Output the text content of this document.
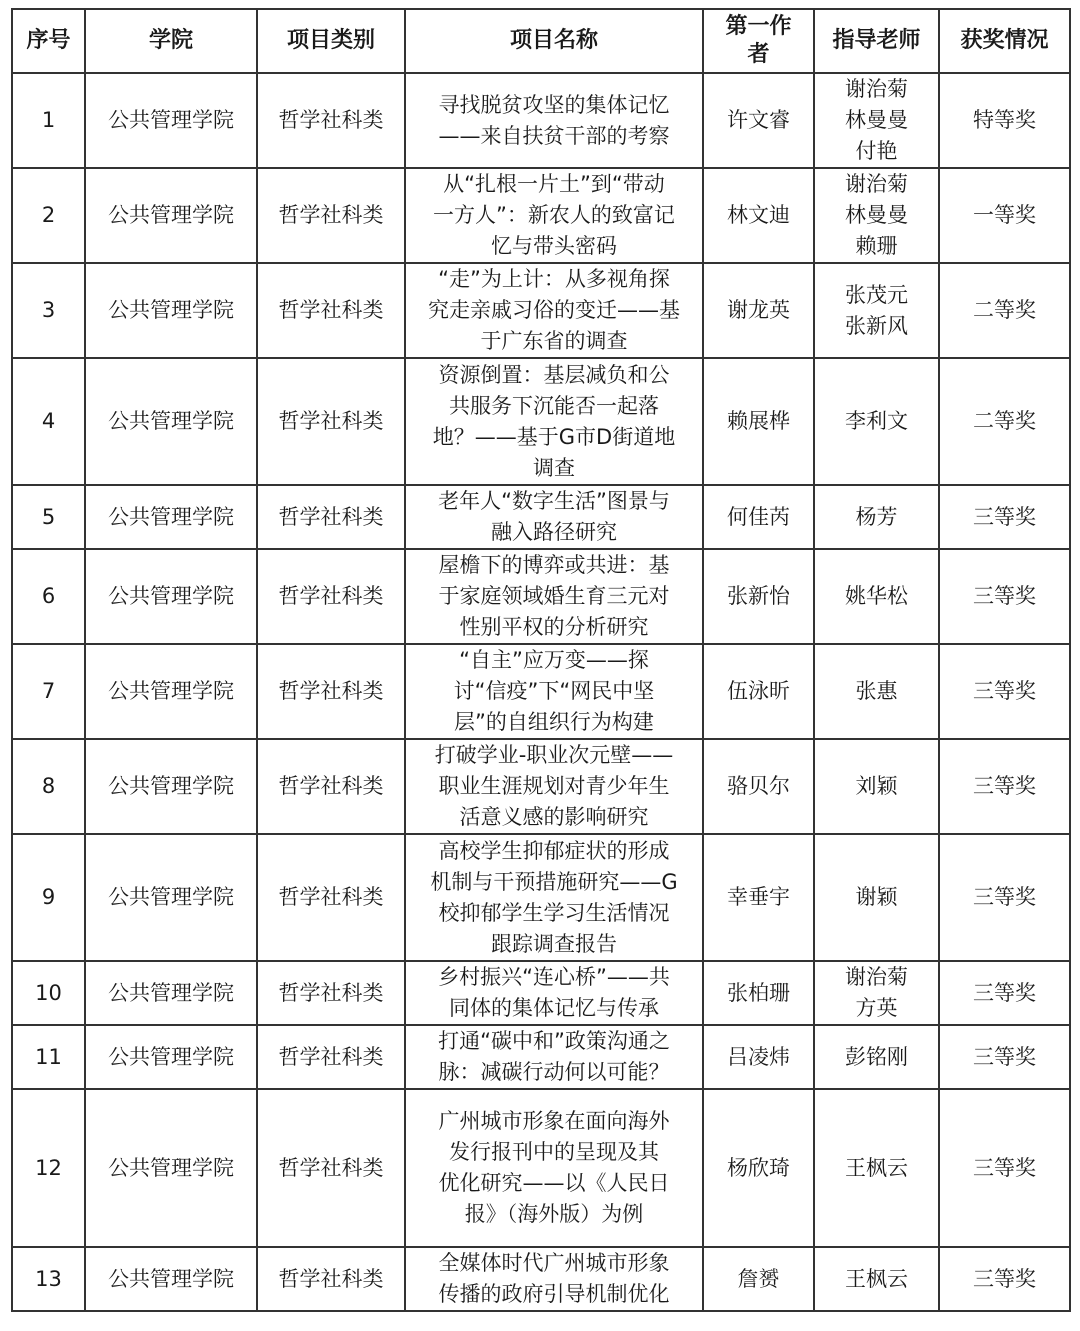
序号	学院	项目类别	项目名称	第一作者	指导老师	获奖情况
1	公共管理学院	哲学社科类	寻找脱贫攻坚的集体记忆
——来自扶贫干部的考察	许文睿	谢治菊
林曼曼
付艳	特等奖
2	公共管理学院	哲学社科类	从“扎根一片土”到“带动
一方人”：新农人的致富记
忆与带头密码	林文迪	谢治菊
林曼曼
赖珊	一等奖
3	公共管理学院	哲学社科类	“走”为上计：从多视角探
究走亲戚习俗的变迁——基
于广东省的调查	谢龙英	张茂元
张新风	二等奖
4	公共管理学院	哲学社科类	资源倒置：基层减负和公
共服务下沉能否一起落
地？——基于G市D街道地
调查	赖展桦	李利文	二等奖
5	公共管理学院	哲学社科类	老年人“数字生活”图景与
融入路径研究	何佳芮	杨芳	三等奖
6	公共管理学院	哲学社科类	屋檐下的博弈或共进：基
于家庭领域婚生育三元对
性别平权的分析研究	张新怡	姚华松	三等奖
7	公共管理学院	哲学社科类	“自主”应万变——探
讨“信疫”下“网民中坚
层”的自组织行为构建	伍泳昕	张惠	三等奖
8	公共管理学院	哲学社科类	打破学业-职业次元壁——
职业生涯规划对青少年生
活意义感的影响研究	骆贝尔	刘颖	三等奖
9	公共管理学院	哲学社科类	高校学生抑郁症状的形成
机制与干预措施研究——G
校抑郁学生学习生活情况
跟踪调查报告	幸垂宇	谢颖	三等奖
10	公共管理学院	哲学社科类	乡村振兴“连心桥”——共
同体的集体记忆与传承	张柏珊	谢治菊
方英	三等奖
11	公共管理学院	哲学社科类	打通“碳中和”政策沟通之
脉：减碳行动何以可能？	吕凌炜	彭铭刚	三等奖
12	公共管理学院	哲学社科类	广州城市形象在面向海外
发行报刊中的呈现及其
优化研究——以《人民日
报》（海外版）为例	杨欣琦	王枫云	三等奖
13	公共管理学院	哲学社科类	全媒体时代广州城市形象
传播的政府引导机制优化	詹赟	王枫云	三等奖
